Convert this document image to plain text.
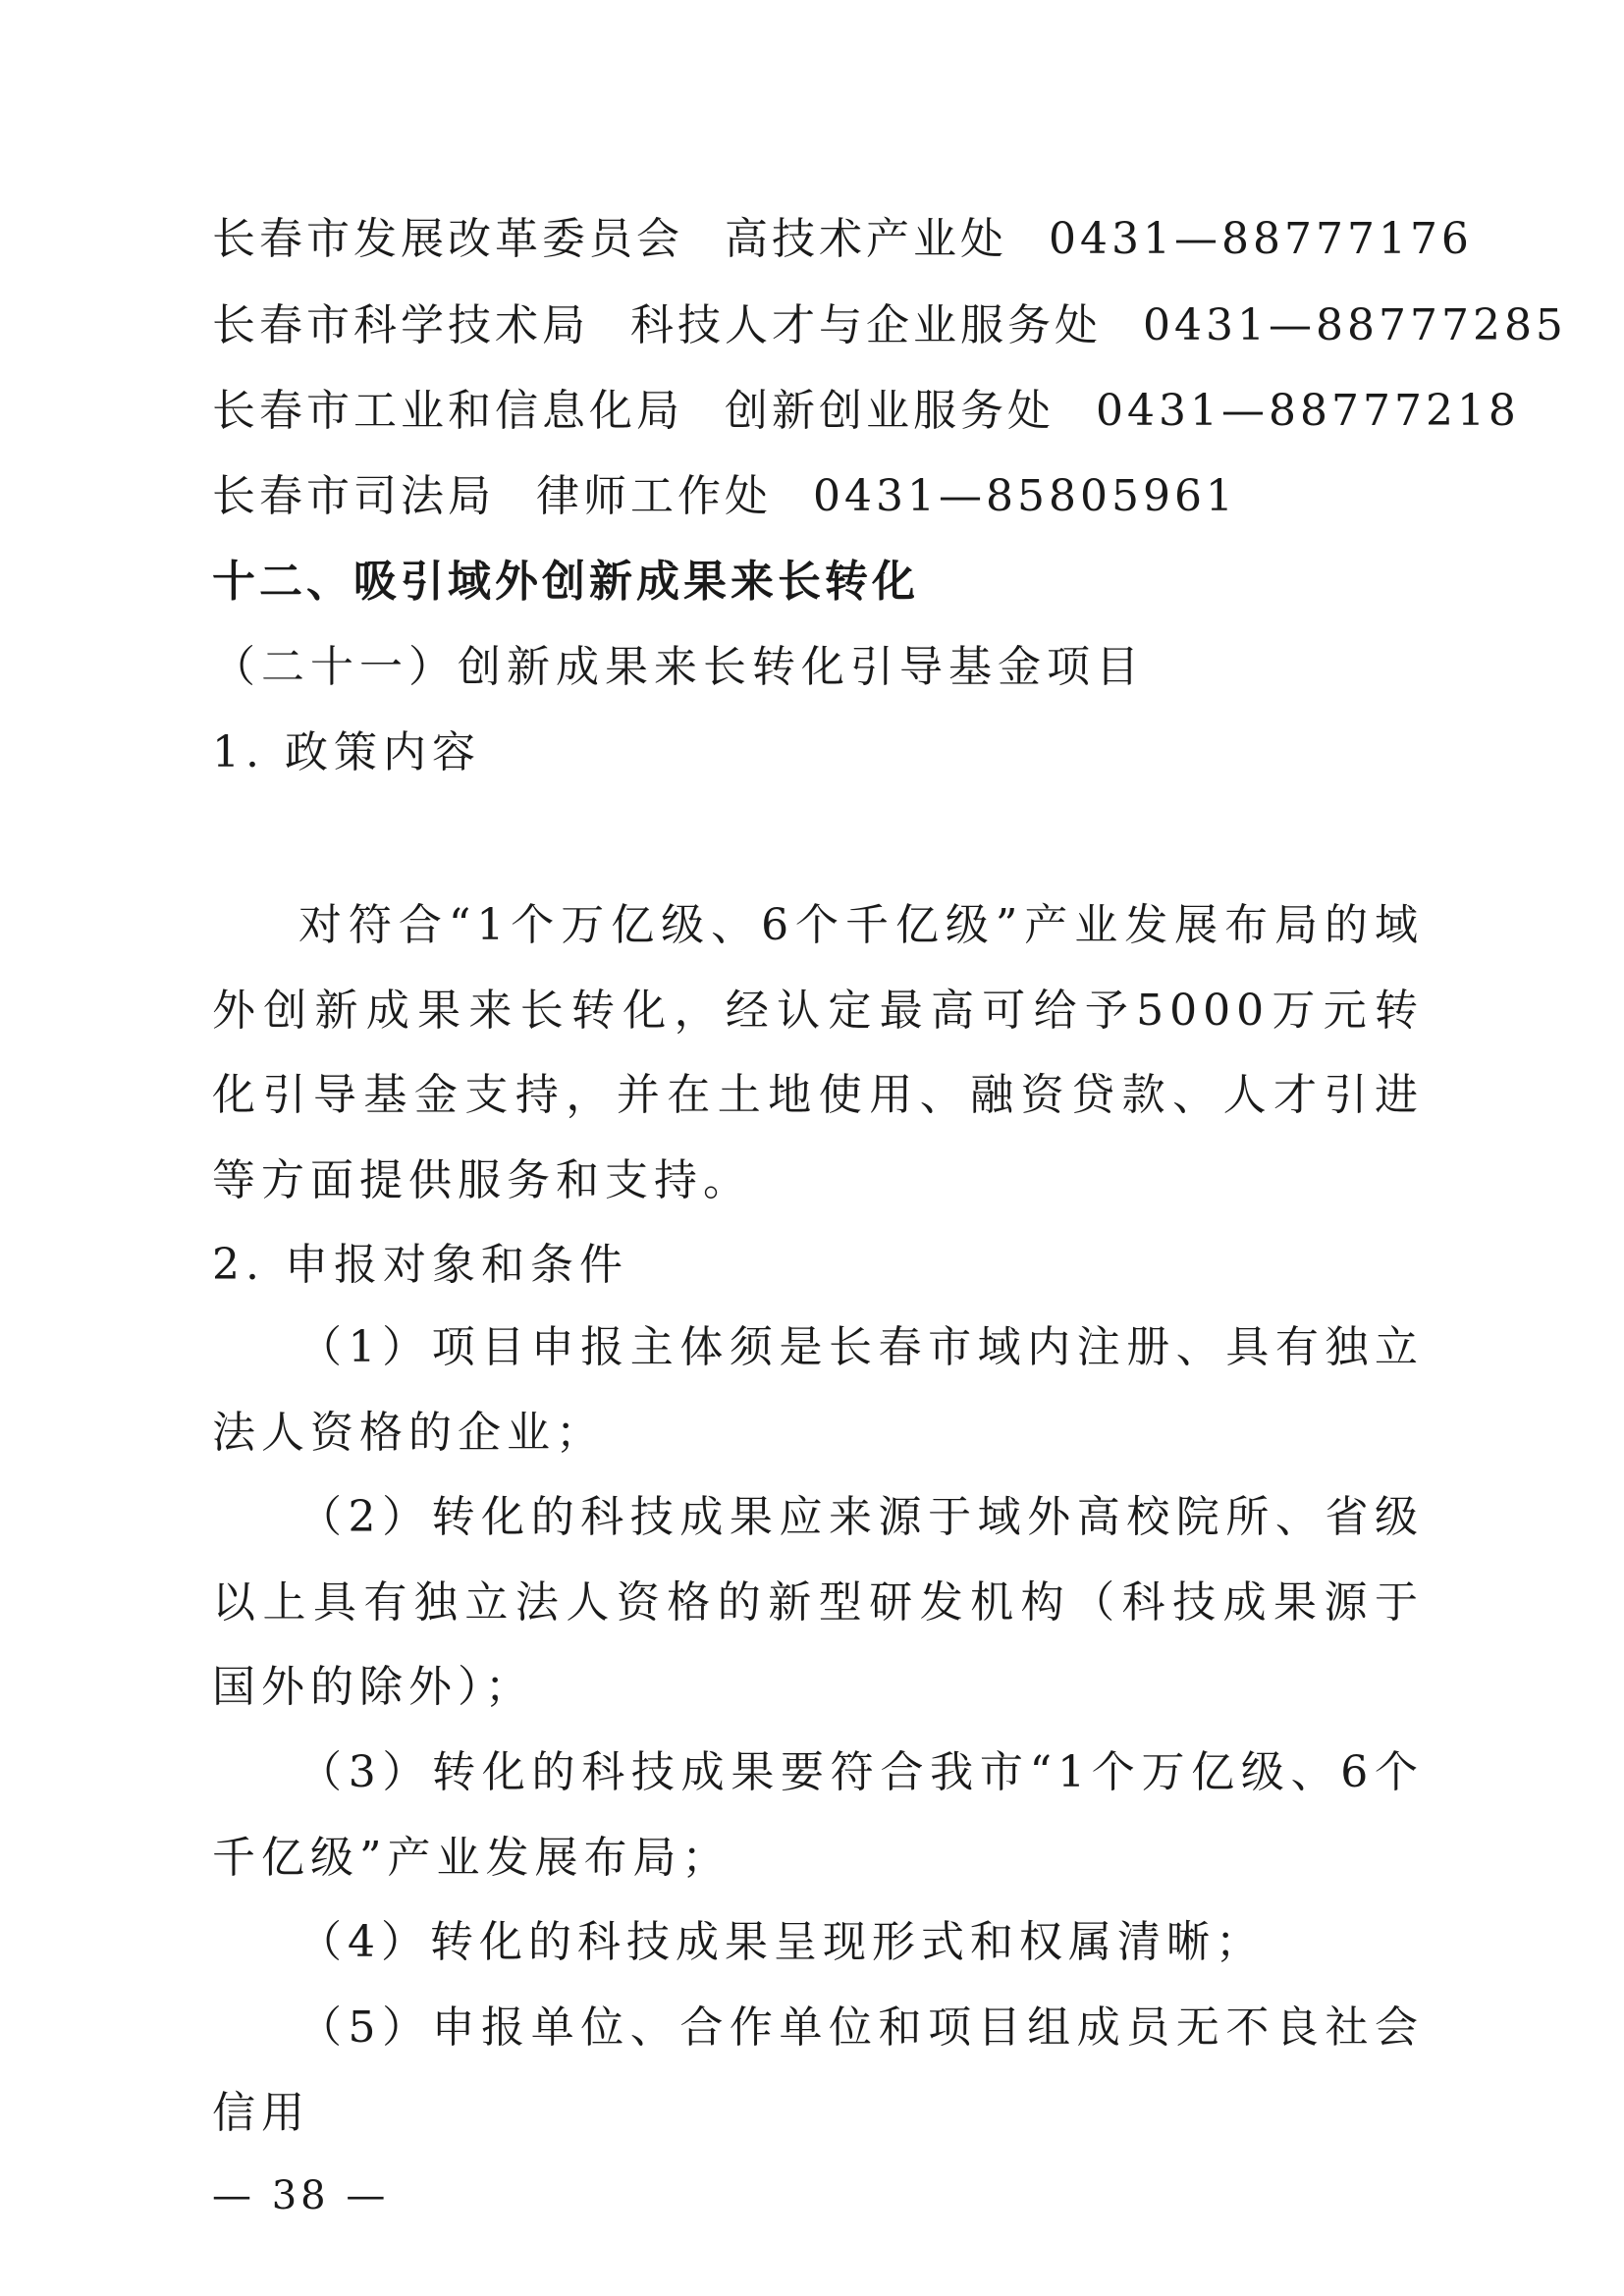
长春市发展改革委员会 高技术产业处 0431—88777176
长春市科学技术局 科技人才与企业服务处 0431—88777285
长春市工业和信息化局 创新创业服务处 0431—88777218
长春市司法局 律师工作处 0431—85805961
十二、吸引域外创新成果来长转化
（二十一）创新成果来长转化引导基金项目
1. 政策内容

对符合“1个万亿级、6个千亿级”产业发展布局的域外创新成果来长转化，经认定最高可给予5000万元转化引导基金支持，并在土地使用、融资贷款、人才引进等方面提供服务和支持。

2. 申报对象和条件

（1）项目申报主体须是长春市域内注册、具有独立法人资格的企业；

（2）转化的科技成果应来源于域外高校院所、省级以上具有独立法人资格的新型研发机构（科技成果源于国外的除外）；

（3）转化的科技成果要符合我市“1个万亿级、6个千亿级”产业发展布局；

（4）转化的科技成果呈现形式和权属清晰；

（5）申报单位、合作单位和项目组成员无不良社会信用

— 38 —
